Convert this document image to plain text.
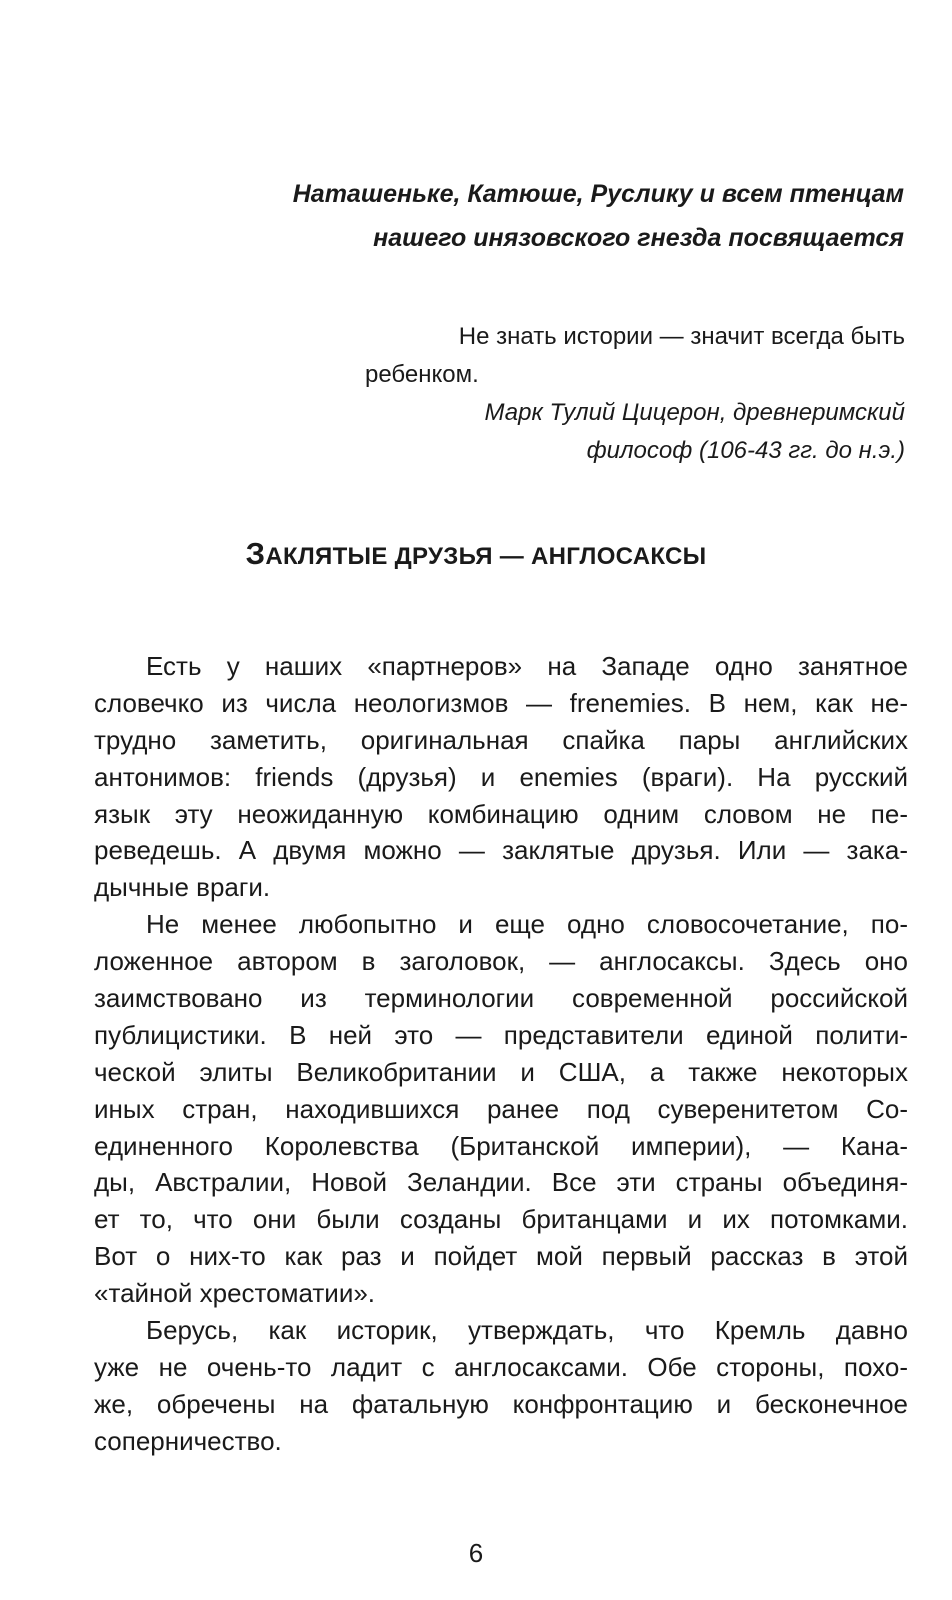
Наташеньке, Катюше, Руслику и всем птенцам
нашего инязовского гнезда посвящается
Не знать истории — значит всегда быть
ребенком.
Марк Тулий Цицерон, древнеримский
философ (106-43 гг. до н.э.)
ЗАКЛЯТЫЕ ДРУЗЬЯ — АНГЛОСАКСЫ
Есть у наших «партнеров» на Западе одно занятное
словечко из числа неологизмов — frenemies. В нем, как не-
трудно заметить, оригинальная спайка пары английских
антонимов: friends (друзья) и enemies (враги). На русский
язык эту неожиданную комбинацию одним словом не пе-
реведешь. А двумя можно — заклятые друзья. Или — зака-
дычные враги.
Не менее любопытно и еще одно словосочетание, по-
ложенное автором в заголовок, — англосаксы. Здесь оно
заимствовано из терминологии современной российской
публицистики. В ней это — представители единой полити-
ческой элиты Великобритании и США, а также некоторых
иных стран, находившихся ранее под суверенитетом Со-
единенного Королевства (Британской империи), — Кана-
ды, Австралии, Новой Зеландии. Все эти страны объединя-
ет то, что они были созданы британцами и их потомками.
Вот о них-то как раз и пойдет мой первый рассказ в этой
«тайной хрестоматии».
Берусь, как историк, утверждать, что Кремль давно
уже не очень-то ладит с англосаксами. Обе стороны, похо-
же, обречены на фатальную конфронтацию и бесконечное
соперничество.
6
